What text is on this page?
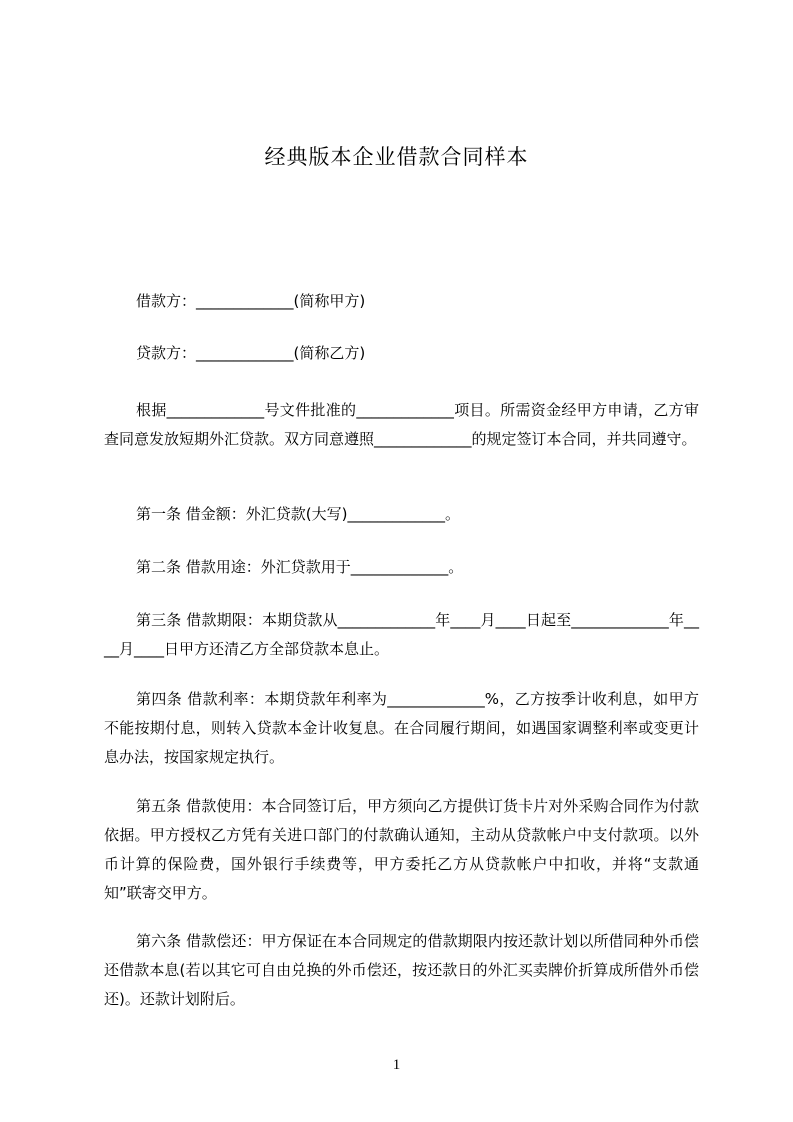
经典版本企业借款合同样本
借款方：_____________(简称甲方)
贷款方：_____________(简称乙方)
根据_____________号文件批准的_____________项目。所需资金经甲方申请，乙方审查同意发放短期外汇贷款。双方同意遵照_____________的规定签订本合同，并共同遵守。
第一条 借金额：外汇贷款(大写)_____________。
第二条 借款用途：外汇贷款用于_____________。
第三条 借款期限：本期贷款从_____________年____月____日起至_____________年____月____日甲方还清乙方全部贷款本息止。
第四条 借款利率：本期贷款年利率为_____________%，乙方按季计收利息，如甲方不能按期付息，则转入贷款本金计收复息。在合同履行期间，如遇国家调整利率或变更计息办法，按国家规定执行。
第五条 借款使用：本合同签订后，甲方须向乙方提供订货卡片对外采购合同作为付款依据。甲方授权乙方凭有关进口部门的付款确认通知，主动从贷款帐户中支付款项。以外币计算的保险费，国外银行手续费等，甲方委托乙方从贷款帐户中扣收，并将“支款通知”联寄交甲方。
第六条 借款偿还：甲方保证在本合同规定的借款期限内按还款计划以所借同种外币偿还借款本息(若以其它可自由兑换的外币偿还，按还款日的外汇买卖牌价折算成所借外币偿还)。还款计划附后。
1
